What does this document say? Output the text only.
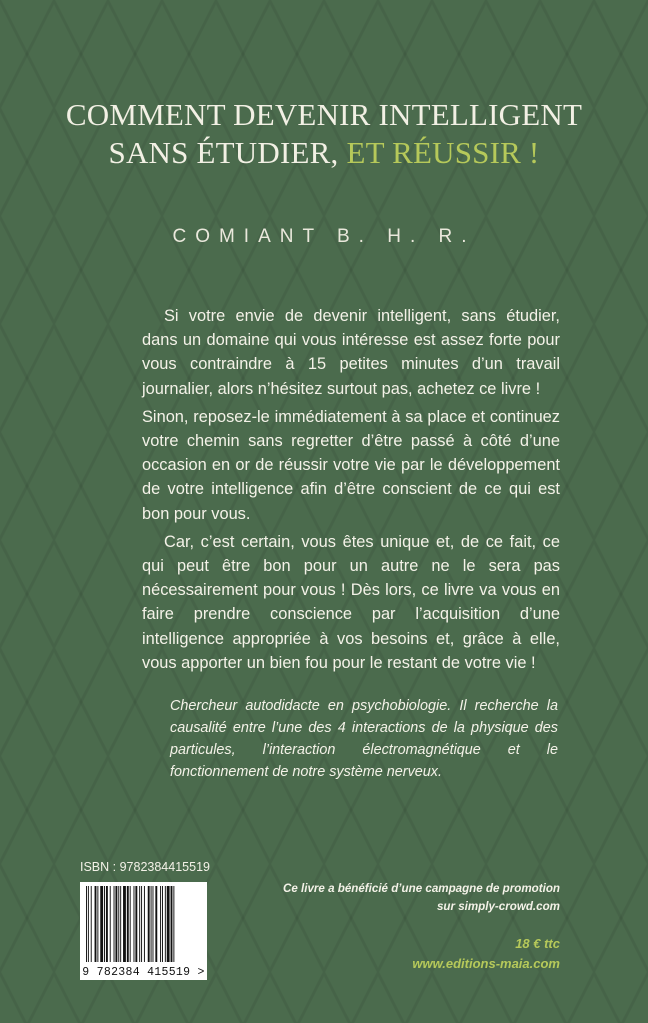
COMMENT DEVENIR INTELLIGENT
SANS ÉTUDIER, ET RÉUSSIR !
COMIANT B. H. R.

Si votre envie de devenir intelligent, sans étudier, dans un domaine qui vous intéresse est assez forte pour vous contraindre à 15 petites minutes d’un travail journalier, alors n’hésitez surtout pas, achetez ce livre !

Sinon, reposez-le immédiatement à sa place et continuez votre chemin sans regretter d’être passé à côté d’une occasion en or de réussir votre vie par le développement de votre intelligence afin d’être conscient de ce qui est bon pour vous.

Car, c’est certain, vous êtes unique et, de ce fait, ce qui peut être bon pour un autre ne le sera pas nécessairement pour vous ! Dès lors, ce livre va vous en faire prendre conscience par l’acquisition d’une intelligence appropriée à vos besoins et, grâce à elle, vous apporter un bien fou pour le restant de votre vie !

Chercheur autodidacte en psychobiologie. Il recherche la causalité entre l’une des 4 interactions de la physique des particules, l’interaction électromagnétique et le fonctionnement de notre système nerveux.
ISBN : 9782384415519
9 782384 415519 >
Ce livre a bénéficié d’une campagne de promotion
sur simply-crowd.com
18 € ttc
www.editions-maia.com
